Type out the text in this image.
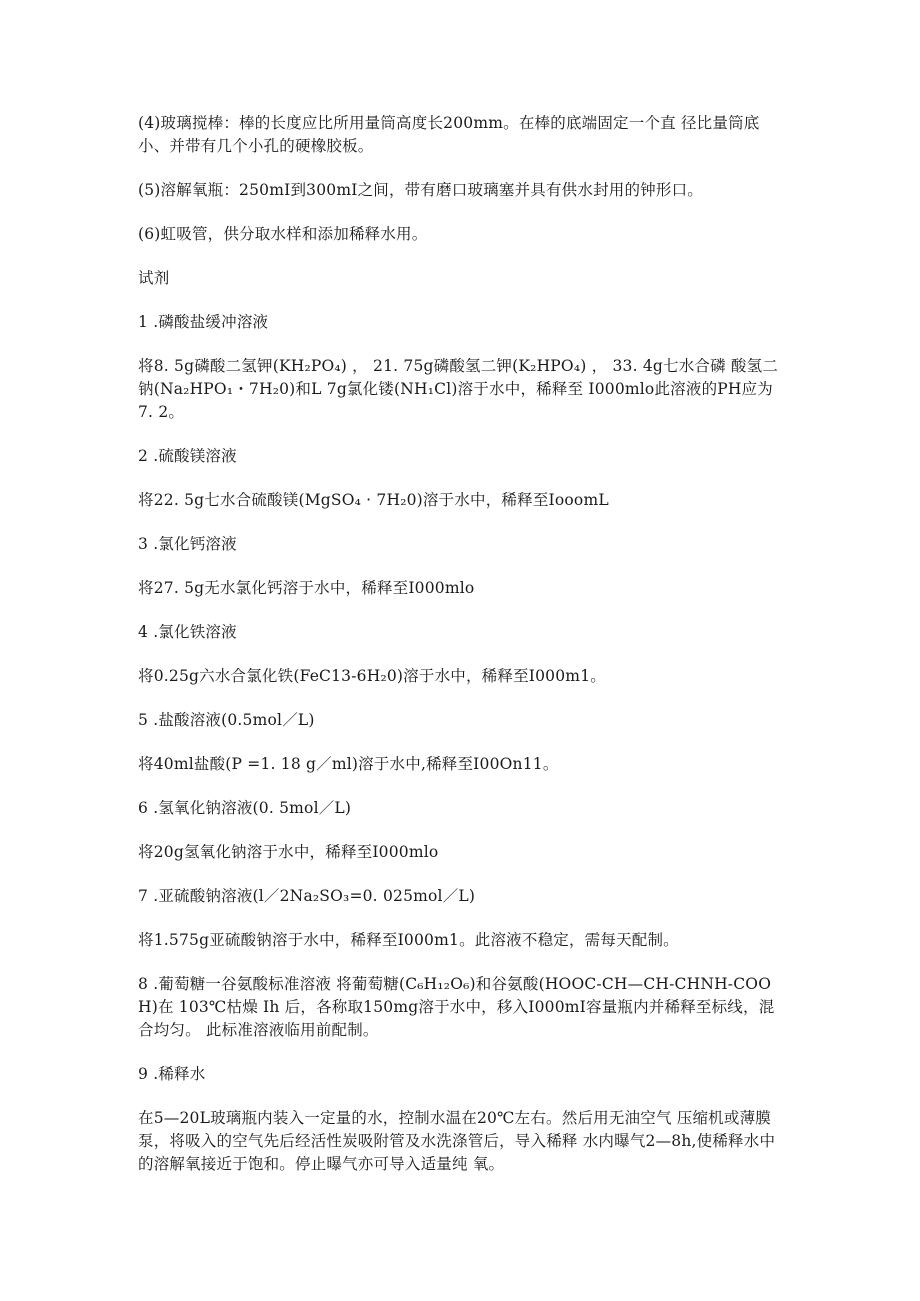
(4)玻璃搅棒：棒的长度应比所用量筒高度长200mm。在棒的底端固定一个直 径比量筒底小、并带有几个小孔的硬橡胶板。

(5)溶解氧瓶：250mI到300mI之间，带有磨口玻璃塞并具有供水封用的钟形口。

(6)虹吸管，供分取水样和添加稀释水用。

试剂

1 .磷酸盐缓冲溶液

将8. 5g磷酸二氢钾(KH₂PO₄) ， 21. 75g磷酸氢二钾(K₂HPO₄) ， 33. 4g七水合磷 酸氢二钠(Na₂HPO₁・7H₂0)和L 7g氯化镂(NH₁Cl)溶于水中，稀释至 I000mlo此溶液的PH应为7. 2。

2 .硫酸镁溶液

将22. 5g七水合硫酸镁(MgSO₄ · 7H₂0)溶于水中，稀释至IooomL

3 .氯化钙溶液

将27. 5g无水氯化钙溶于水中，稀释至I000mlo

4 .氯化铁溶液

将0.25g六水合氯化铁(FeC13-6H₂0)溶于水中，稀释至I000m1。

5 .盐酸溶液(0.5mol／L)

将40ml盐酸(P =1. 18 g／ml)溶于水中,稀释至I00On11。

6 .氢氧化钠溶液(0. 5mol／L)

将20g氢氧化钠溶于水中，稀释至I000mlo

7 .亚硫酸钠溶液(l／2Na₂SO₃=0. 025mol／L)

将1.575g亚硫酸钠溶于水中，稀释至I000m1。此溶液不稳定，需每天配制。

8 .葡萄糖一谷氨酸标准溶液 将葡萄糖(C₆H₁₂O₆)和谷氨酸(HOOC-CH—CH-CHNH-COOH)在 103℃枯燥 Ih 后，各称取150mg溶于水中，移入I000mI容量瓶内并稀释至标线，混合均匀。 此标准溶液临用前配制。

9 .稀释水

在5—20L玻璃瓶内装入一定量的水，控制水温在20℃左右。然后用无油空气 压缩机或薄膜泵，将吸入的空气先后经活性炭吸附管及水洗涤管后，导入稀释 水内曝气2—8h,使稀释水中的溶解氧接近于饱和。停止曝气亦可导入适量纯 氧。
